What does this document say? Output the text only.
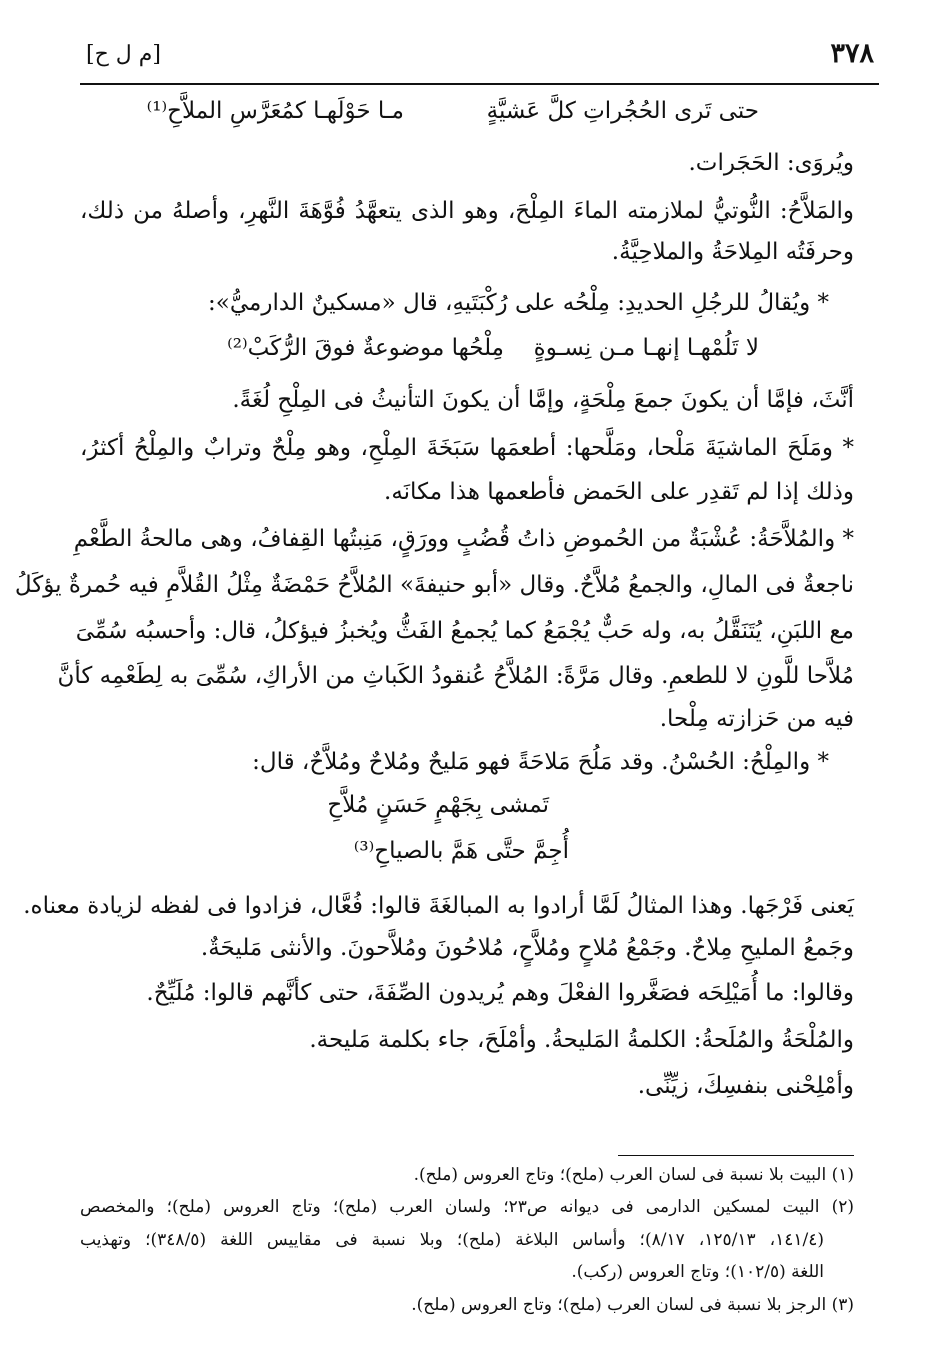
٣٧٨
[م ل ح]
حتى تَرى الحُجُراتِ كلَّ عَشيَّةٍ
مـا حَوْلَهـا كمُعَرَّسِ الملاَّحِ⁽¹⁾
ويُروَى: الحَجَرات.
والمَلاَّحُ: النُّوتيُّ لملازمته الماءَ المِلْحَ، وهو الذى يتعهَّدُ فُوَّهَةَ النَّهرِ، وأصلهُ من ذلك،
وحرفَتُه المِلاحَةُ والملاحِيَّةُ.
* ويُقالُ للرجُلِ الحديدِ: مِلْحُه على رُكْبَتَيهِ، قال «مسكينٌ الدارميُّ»:
لا تَلُمْهـا إنهـا مـن نِسـوةٍ
مِلْحُها موضوعةٌ فوقَ الرُّكَبْ⁽²⁾
أنَّثَ، فإمَّا أن يكونَ جمعَ مِلْحَةٍ، وإمَّا أن يكونَ التأنيثُ فى المِلْحِ لُغَةً.
* ومَلَحَ الماشيَةَ مَلْحا، ومَلَّحها: أطعمَها سَبَخَةَ المِلْحِ، وهو مِلْحٌ وترابٌ والمِلْحُ أكثرُ،
وذلك إذا لم تَقدِر على الحَمض فأطعمها هذا مكانَه.
* والمُلاَّحَةُ: عُشْبَةٌ من الحُموضِ ذاتُ قُضُبٍ وورَقٍ، مَنِبتُها القِفافُ، وهى مالحةُ الطَّعْمِ
ناجعةٌ فى المالِ، والجمعُ مُلاَّحٌ. وقال «أبو حنيفةَ» المُلاَّحُ حَمْضَةٌ مِثْلُ القُلاَّمِ فيه حُمرةٌ يؤكَلُ
مع اللبَنِ، يُتَنَقَّلُ به، وله حَبٌّ يُجْمَعُ كما يُجمعُ الفَثُّ ويُخبزُ فيؤكلُ، قال: وأحسبُه سُمِّىَ
مُلاَّحا للَّونِ لا للطعمِ. وقال مَرَّةً: المُلاَّحُ عُنقودُ الكَباثِ من الأراكِ، سُمِّىَ به لِطَعْمِه كأنَّ
فيه من حَزازته مِلْحا.
* والمِلْحُ: الحُسْنُ. وقد مَلُحَ مَلاحَةً فهو مَليحٌ ومُلاحٌ ومُلاَّحٌ، قال:
تَمشى بِجَهْمٍ حَسَنٍ مُلاَّحِ
أُجِمَّ حتَّى هَمَّ بالصياحِ⁽³⁾
يَعنى فَرْجَها. وهذا المثالُ لَمَّا أرادوا به المبالغَةَ قالوا: فُعَّال، فزادوا فى لفظه لزيادة معناه.
وجَمعُ المليحِ مِلاحٌ. وجَمْعُ مُلاحٍ ومُلاَّحٍ، مُلاحُونَ ومُلاَّحونَ. والأنثى مَليحَةٌ.
وقالوا: ما أُمَيْلِحَه فصَغَّروا الفعْلَ وهم يُريدون الصِّفَةَ، حتى كأنَّهم قالوا: مُلَيِّحٌ.
والمُلْحَةُ والمُلَحةُ: الكلمةُ المَليحةُ. وأمْلَحَ، جاء بكلمة مَليحة.
وأمْلِحْنى بنفسِكَ، زيِّنِّى.
(١) البيت بلا نسبة فى لسان العرب (ملح)؛ وتاج العروس (ملح).
(٢) البيت لمسكين الدارمى فى ديوانه ص٢٣؛ ولسان العرب (ملح)؛ وتاج العروس (ملح)؛ والمخصص
(١٤١/٤، ١٢٥/١٣، ٨/١٧)؛ وأساس البلاغة (ملح)؛ وبلا نسبة فى مقاييس اللغة (٣٤٨/٥)؛ وتهذيب
اللغة (١٠٢/٥)؛ وتاج العروس (ركب).
(٣) الرجز بلا نسبة فى لسان العرب (ملح)؛ وتاج العروس (ملح).
